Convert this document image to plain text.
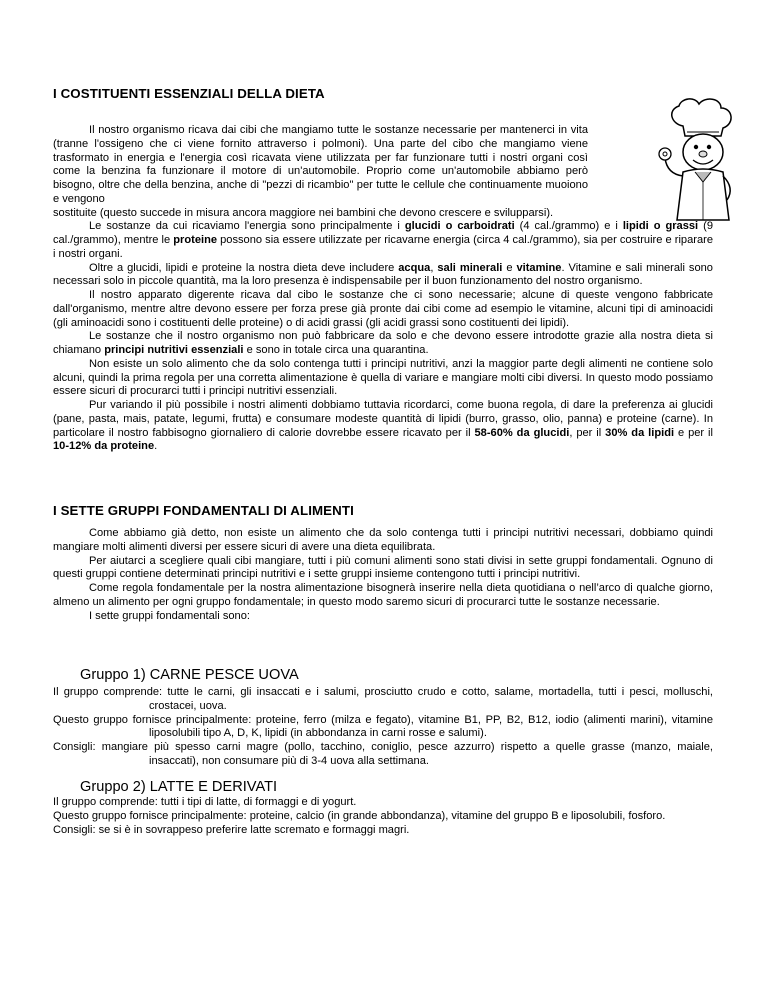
I COSTITUENTI ESSENZIALI DELLA DIETA

Il nostro organismo ricava dai cibi che mangiamo tutte le sostanze necessarie per mantenerci in vita (tranne l'ossigeno che ci viene fornito attraverso i polmoni). Una parte del cibo che mangiamo viene trasformato in energia e l'energia così ricavata viene utilizzata per far funzionare tutti i nostri organi così come la benzina fa funzionare il motore di un'automobile. Proprio come un'automobile abbiamo però bisogno, oltre che della benzina, anche di "pezzi di ricambio" per tutte le cellule che continuamente muoiono e vengono

sostituite (questo succede in misura ancora maggiore nei bambini che devono crescere e svilupparsi).

Le sostanze da cui ricaviamo l'energia sono principalmente i glucidi o carboidrati (4 cal./grammo) e i lipidi o grassi (9 cal./grammo), mentre le proteine possono sia essere utilizzate per ricavarne energia (circa 4 cal./grammo), sia per costruire e riparare i nostri organi.

Oltre a glucidi, lipidi e proteine la nostra dieta deve includere acqua, sali minerali e vitamine. Vitamine e sali minerali sono necessari solo in piccole quantità, ma la loro presenza è indispensabile per il buon funzionamento del nostro organismo.

Il nostro apparato digerente ricava dal cibo le sostanze che ci sono necessarie; alcune di queste vengono fabbricate dall'organismo, mentre altre devono essere per forza prese già pronte dai cibi come ad esempio le vitamine, alcuni tipi di aminoacidi (gli aminoacidi sono i costituenti delle proteine) o di acidi grassi (gli acidi grassi sono costituenti dei lipidi).

Le sostanze che il nostro organismo non può fabbricare da solo e che devono essere introdotte grazie alla nostra dieta si chiamano principi nutritivi essenziali e sono in totale circa una quarantina.

Non esiste un solo alimento che da solo contenga tutti i principi nutritivi, anzi la maggior parte degli alimenti ne contiene solo alcuni, quindi la prima regola per una corretta alimentazione è quella di variare e mangiare molti cibi diversi. In questo modo possiamo essere sicuri di procurarci tutti i principi nutritivi essenziali.

Pur variando il più possibile i nostri alimenti dobbiamo tuttavia ricordarci, come buona regola, di dare la preferenza ai glucidi (pane, pasta, mais, patate, legumi, frutta) e consumare modeste quantità di lipidi (burro, grasso, olio, panna) e proteine (carne). In particolare il nostro fabbisogno giornaliero di calorie dovrebbe essere ricavato per il 58-60% da glucidi, per il 30% da lipidi e per il 10-12% da proteine.

I SETTE GRUPPI FONDAMENTALI DI ALIMENTI

Come abbiamo già detto, non esiste un alimento che da solo contenga tutti i principi nutritivi necessari, dobbiamo quindi mangiare molti alimenti diversi per essere sicuri di avere una dieta equilibrata.

Per aiutarci a scegliere quali cibi mangiare, tutti i più comuni alimenti sono stati divisi in sette gruppi fondamentali. Ognuno di questi gruppi contiene determinati principi nutritivi e i sette gruppi insieme contengono tutti i principi nutritivi.

Come regola fondamentale per la nostra alimentazione bisognerà inserire nella dieta quotidiana o nell’arco di qualche giorno, almeno un alimento per ogni gruppo fondamentale; in questo modo saremo sicuri di procurarci tutte le sostanze necessarie.

I sette gruppi fondamentali sono:

Gruppo 1) CARNE PESCE UOVA

Il gruppo comprende: tutte le carni, gli insaccati e i salumi, prosciutto crudo e cotto, salame, mortadella, tutti i pesci, molluschi, crostacei, uova.

Questo gruppo fornisce principalmente: proteine, ferro (milza e fegato), vitamine B1, PP, B2, B12, iodio (alimenti marini), vitamine liposolubili tipo A, D, K, lipidi (in abbondanza in carni rosse e salumi).

Consigli: mangiare più spesso carni magre (pollo, tacchino, coniglio, pesce azzurro) rispetto a quelle grasse (manzo, maiale, insaccati), non consumare più di 3-4 uova alla settimana.

Gruppo 2) LATTE E DERIVATI

Il gruppo comprende: tutti i tipi di latte, di formaggi e di yogurt.

Questo gruppo fornisce principalmente: proteine, calcio (in grande abbondanza), vitamine del gruppo B e liposolubili, fosforo.

Consigli: se si è in sovrappeso preferire latte scremato e formaggi magri.
